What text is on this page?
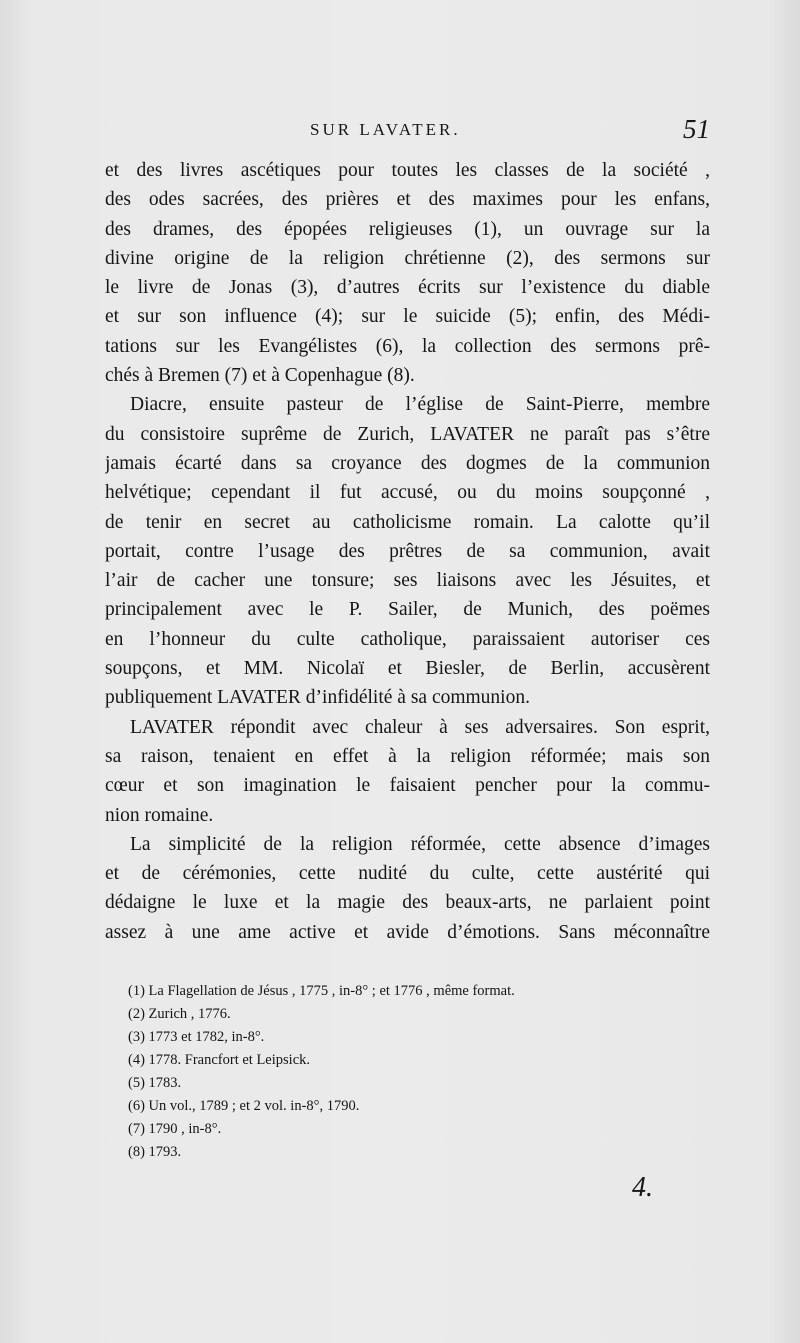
SUR LAVATER.	51
et des livres ascétiques pour toutes les classes de la société ,
des odes sacrées, des prières et des maximes pour les enfans,
des drames, des épopées religieuses (1), un ouvrage sur la
divine origine de la religion chrétienne (2), des sermons sur
le livre de Jonas (3), d’autres écrits sur l’existence du diable
et sur son influence (4); sur le suicide (5); enfin, des Médi-
tations sur les Evangélistes (6), la collection des sermons prê-
chés à Bremen (7) et à Copenhague (8).
Diacre, ensuite pasteur de l’église de Saint-Pierre, membre
du consistoire suprême de Zurich, LAVATER ne paraît pas s’être
jamais écarté dans sa croyance des dogmes de la communion
helvétique; cependant il fut accusé, ou du moins soupçonné ,
de tenir en secret au catholicisme romain. La calotte qu’il
portait, contre l’usage des prêtres de sa communion, avait
l’air de cacher une tonsure; ses liaisons avec les Jésuites, et
principalement avec le P. Sailer, de Munich, des poëmes
en l’honneur du culte catholique, paraissaient autoriser ces
soupçons, et MM. Nicolaï et Biesler, de Berlin, accusèrent
publiquement LAVATER d’infidélité à sa communion.
LAVATER répondit avec chaleur à ses adversaires. Son esprit,
sa raison, tenaient en effet à la religion réformée; mais son
cœur et son imagination le faisaient pencher pour la commu-
nion romaine.
La simplicité de la religion réformée, cette absence d’images
et de cérémonies, cette nudité du culte, cette austérité qui
dédaigne le luxe et la magie des beaux-arts, ne parlaient point
assez à une ame active et avide d’émotions. Sans méconnaître
(1) La Flagellation de Jésus , 1775 , in-8° ; et 1776 , même format.
(2) Zurich , 1776.
(3) 1773 et 1782, in-8°.
(4) 1778. Francfort et Leipsick.
(5) 1783.
(6) Un vol., 1789 ; et 2 vol. in-8°, 1790.
(7) 1790 , in-8°.
(8) 1793.
4.
